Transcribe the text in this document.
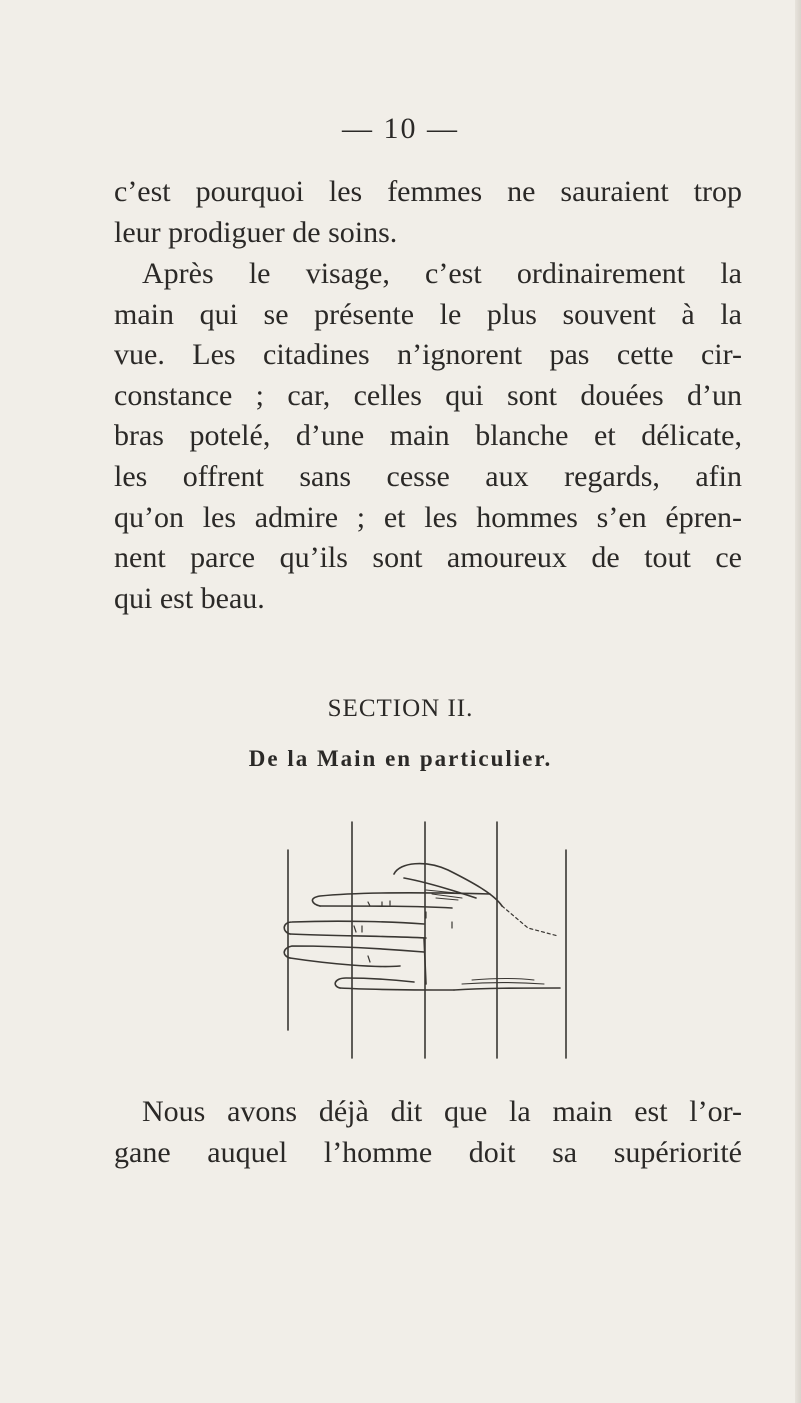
— 10 —

c’est pourquoi les femmes ne sauraient trop
leur prodiguer de soins.

Après le visage, c’est ordinairement la
main qui se présente le plus souvent à la
vue. Les citadines n’ignorent pas cette cir-
constance ; car, celles qui sont douées d’un
bras potelé, d’une main blanche et délicate,
les offrent sans cesse aux regards, afin
qu’on les admire ; et les hommes s’en épren-
nent parce qu’ils sont amoureux de tout ce
qui est beau.

SECTION II.
De la Main en particulier.

Nous avons déjà dit que la main est l’or-
gane auquel l’homme doit sa supériorité
